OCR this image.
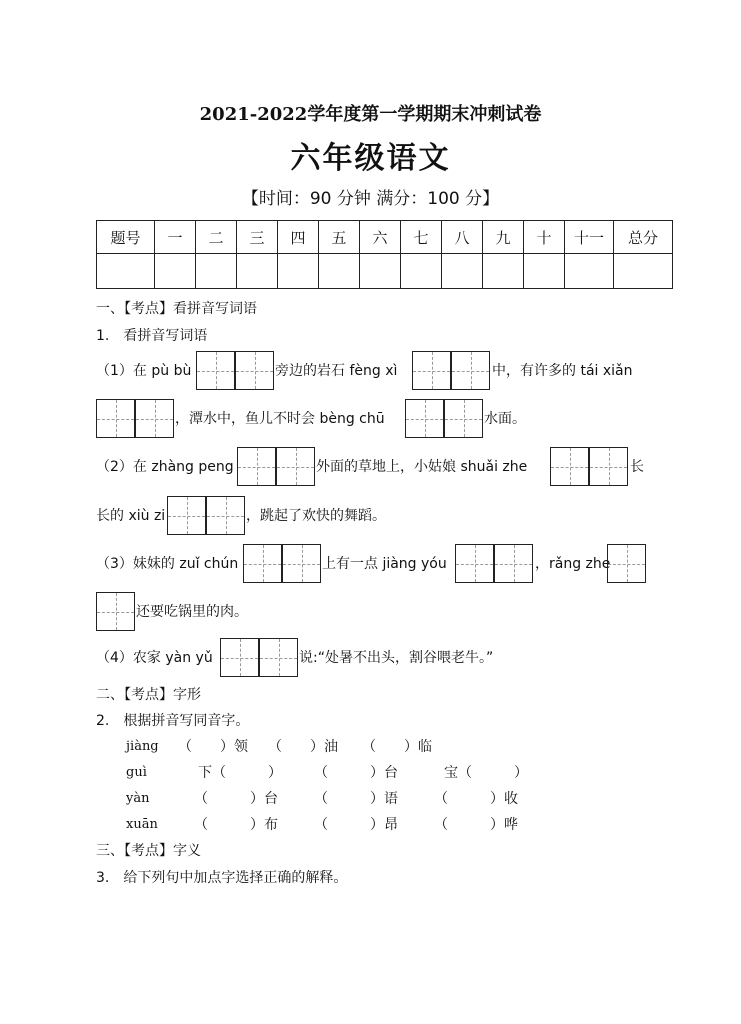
2021-2022学年度第一学期期末冲刺试卷
六年级语文
【时间：90 分钟 满分：100 分】
题号	一	二	三	四	五	六	七	八	九	十	十一	总分

一、【考点】看拼音写词语
1.　看拼音写词语
（1）在 pù bù	旁边的岩石 fèng xì	中，有许多的 tái xiǎn
，潭水中，鱼儿不时会 bèng chū	水面。
（2）在 zhàng peng	外面的草地上，小姑娘 shuǎi zhe	长
长的 xiù zi	，跳起了欢快的舞蹈。
（3）妹妹的 zuǐ chún	上有一点 jiàng yóu	，rǎng zhe
还要吃锅里的肉。
（4）农家 yàn yǔ	说:“处暑不出头，割谷喂老牛。”
二、【考点】字形
2.　根据拼音写同音字。
jiàng （　　）领 （　　）油 （　　）临
guì	下（　　　） （　　　）台	宝（　　　）
yàn	（　　　）台	（　　　）语	（　　　）收
xuān	（　　　）布	（　　　）昂	（　　　）哗
三、【考点】字义
3.　给下列句中加点字选择正确的解释。
